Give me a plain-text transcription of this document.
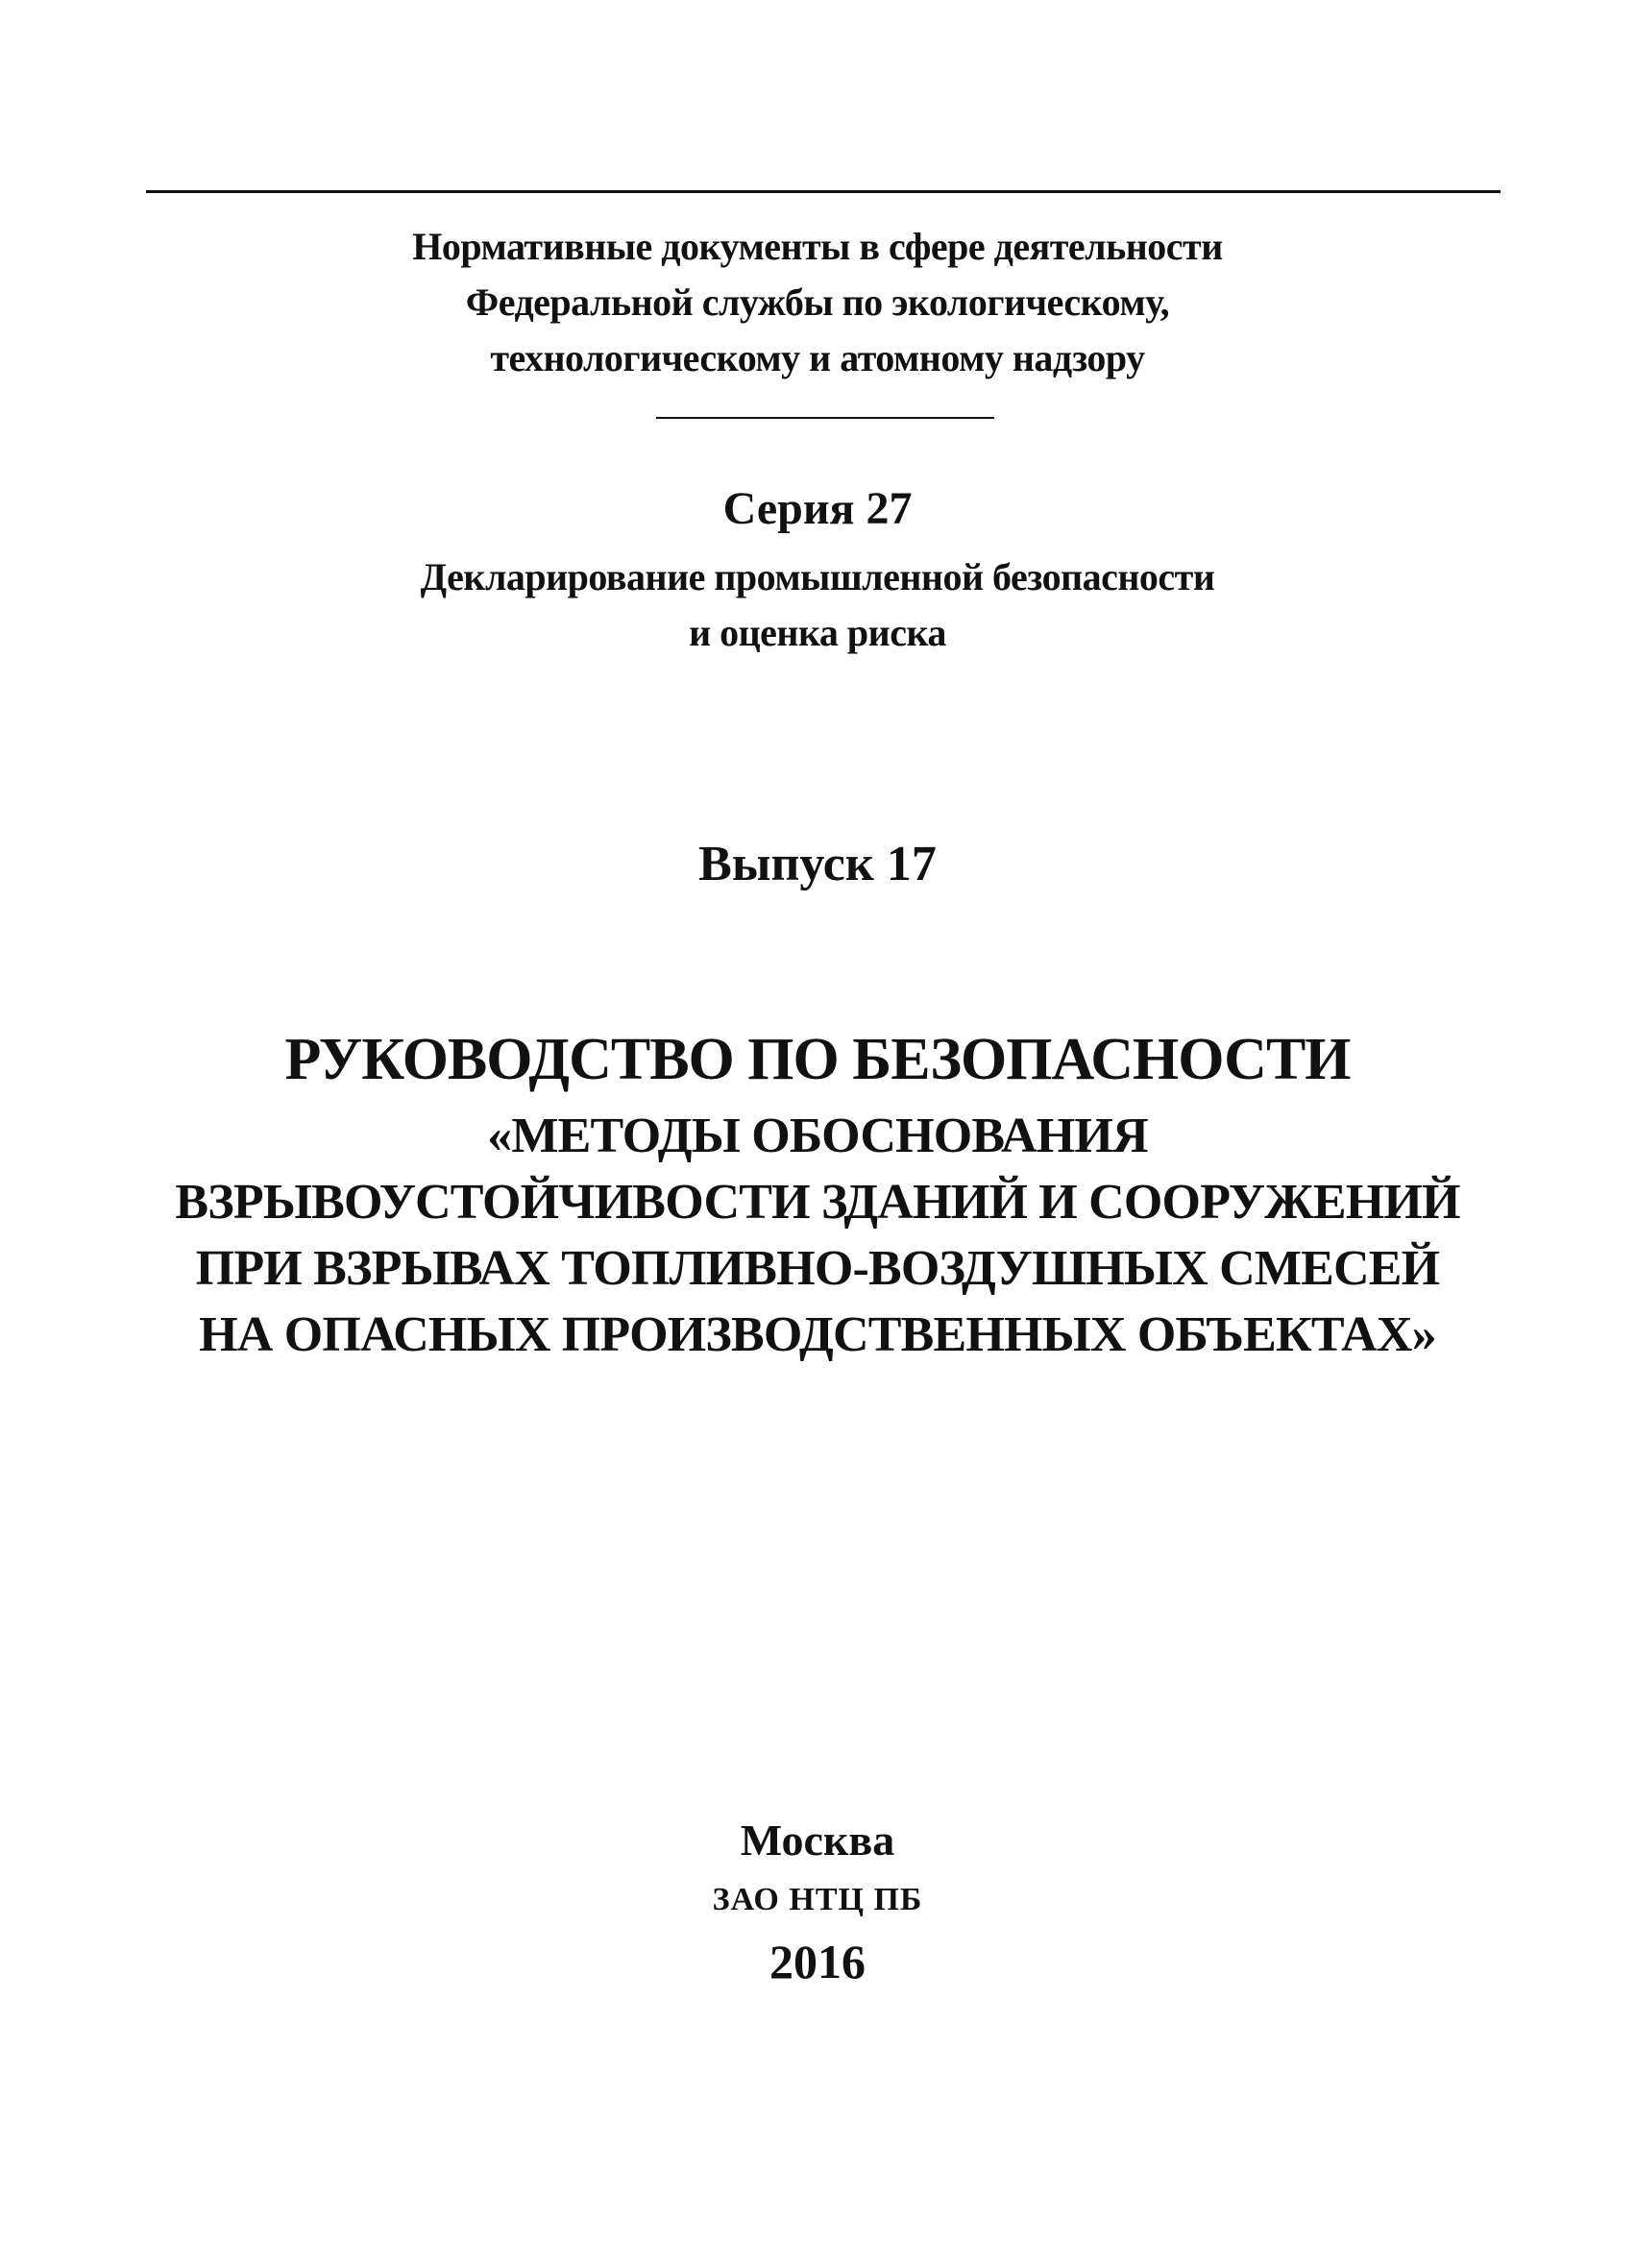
Нормативные документы в сфере деятельности
Федеральной службы по экологическому,
технологическому и атомному надзору
Серия 27
Декларирование промышленной безопасности
и оценка риска
Выпуск 17
РУКОВОДСТВО ПО БЕЗОПАСНОСТИ
«МЕТОДЫ ОБОСНОВАНИЯ
ВЗРЫВОУСТОЙЧИВОСТИ ЗДАНИЙ И СООРУЖЕНИЙ
ПРИ ВЗРЫВАХ ТОПЛИВНО-ВОЗДУШНЫХ СМЕСЕЙ
НА ОПАСНЫХ ПРОИЗВОДСТВЕННЫХ ОБЪЕКТАХ»
Москва
ЗАО НТЦ ПБ
2016
